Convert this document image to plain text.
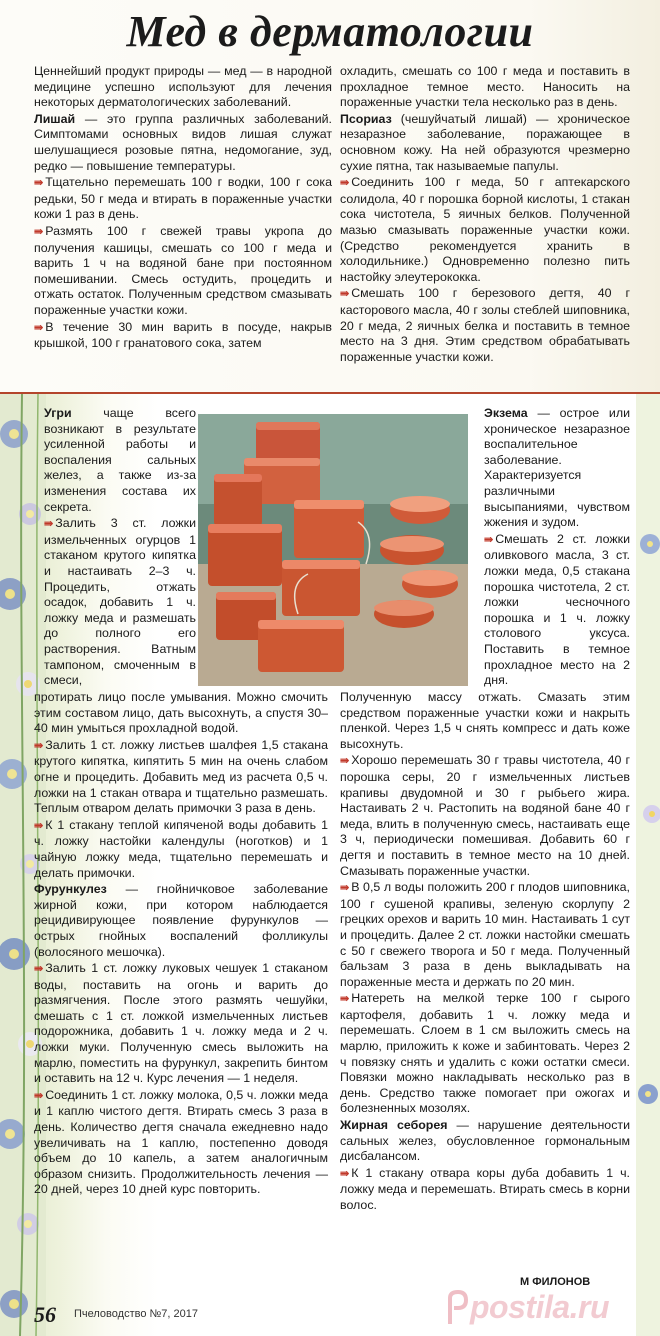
Мед в дерматологии

Ценнейший продукт природы — мед — в народной медицине успешно используют для лечения некоторых дерматологических заболеваний.

Лишай — это группа различных заболеваний. Симптомами основных видов лишая служат шелушащиеся розовые пятна, недомогание, зуд, редко — повышение температуры.

⇛ Тщательно перемешать 100 г водки, 100 г сока редьки, 50 г меда и втирать в пораженные участки кожи 1 раз в день.

⇛ Размять 100 г свежей травы укропа до получения кашицы, смешать со 100 г меда и варить 1 ч на водяной бане при постоянном помешивании. Смесь остудить, процедить и отжать остаток. Полученным средством смазывать пораженные участки кожи.

⇛ В течение 30 мин варить в посуде, накрыв крышкой, 100 г гранатового сока, затем

охладить, смешать со 100 г меда и поставить в прохладное темное место. Наносить на пораженные участки тела несколько раз в день.

Псориаз (чешуйчатый лишай) — хроническое незаразное заболевание, поражающее в основном кожу. На ней образуются чрезмерно сухие пятна, так называемые папулы.

⇛ Соединить 100 г меда, 50 г аптекарского солидола, 40 г порошка борной кислоты, 1 стакан сока чистотела, 5 яичных белков. Полученной мазью смазывать пораженные участки кожи. (Средство рекомендуется хранить в холодильнике.) Одновременно полезно пить настойку элеутерококка.

⇛ Смешать 100 г березового дегтя, 40 г касторового масла, 40 г золы стеблей шиповника, 20 г меда, 2 яичных белка и поставить в темное место на 3 дня. Этим средством обрабатывать пораженные участки кожи.

Угри чаще всего возникают в результате усиленной работы и воспаления сальных желез, а также из-за изменения состава их секрета.

⇛ Залить 3 ст. ложки измельченных огурцов 1 стаканом крутого кипятка и настаивать 2–3 ч. Процедить, отжать осадок, добавить 1 ч. ложку меда и размешать до полного его растворения. Ватным тампоном, смоченным в смеси,

Экзема — острое или хроническое незаразное воспалительное заболевание. Характеризуется различными высыпаниями, чувством жжения и зудом.

⇛ Смешать 2 ст. ложки оливкового масла, 3 ст. ложки меда, 0,5 стакана порошка чистотела, 2 ст. ложки чесночного порошка и 1 ч. ложку столового уксуса. Поставить в темное прохладное место на 2 дня.

протирать лицо после умывания. Можно смочить этим составом лицо, дать высохнуть, а спустя 30–40 мин умыться прохладной водой.

⇛ Залить 1 ст. ложку листьев шалфея 1,5 стакана крутого кипятка, кипятить 5 мин на очень слабом огне и процедить. Добавить мед из расчета 0,5 ч. ложки на 1 стакан отвара и тщательно размешать. Теплым отваром делать примочки 3 раза в день.

⇛ К 1 стакану теплой кипяченой воды добавить 1 ч. ложку настойки календулы (ноготков) и 1 чайную ложку меда, тщательно перемешать и делать примочки.

Фурункулез — гнойничковое заболевание жирной кожи, при котором наблюдается рецидивирующее появление фурункулов — острых гнойных воспалений фолликулы (волосяного мешочка).

⇛ Залить 1 ст. ложку луковых чешуек 1 стаканом воды, поставить на огонь и варить до размягчения. После этого размять чешуйки, смешать с 1 ст. ложкой измельченных листьев подорожника, добавить 1 ч. ложку меда и 2 ч. ложки муки. Полученную смесь выложить на марлю, поместить на фурункул, закрепить бинтом и оставить на 12 ч. Курс лечения — 1 неделя.

⇛ Соединить 1 ст. ложку молока, 0,5 ч. ложки меда и 1 каплю чистого дегтя. Втирать смесь 3 раза в день. Количество дегтя сначала ежедневно надо увеличивать на 1 каплю, постепенно доводя объем до 10 капель, а затем аналогичным образом снизить. Продолжительность лечения — 20 дней, через 10 дней курс повторить.

Полученную массу отжать. Смазать этим средством пораженные участки кожи и накрыть пленкой. Через 1,5 ч снять компресс и дать коже высохнуть.

⇛ Хорошо перемешать 30 г травы чистотела, 40 г порошка серы, 20 г измельченных листьев крапивы двудомной и 30 г рыбьего жира. Настаивать 2 ч. Растопить на водяной бане 40 г меда, влить в полученную смесь, настаивать еще 3 ч, периодически помешивая. Добавить 60 г дегтя и поставить в темное место на 10 дней. Смазывать пораженные участки.

⇛ В 0,5 л воды положить 200 г плодов шиповника, 100 г сушеной крапивы, зеленую скорлупу 2 грецких орехов и варить 10 мин. Настаивать 1 сут и процедить. Далее 2 ст. ложки настойки смешать с 50 г свежего творога и 50 г меда. Полученный бальзам 3 раза в день выкладывать на пораженные места и держать по 20 мин.

⇛ Натереть на мелкой терке 100 г сырого картофеля, добавить 1 ч. ложку меда и перемешать. Слоем в 1 см выложить смесь на марлю, приложить к коже и забинтовать. Через 2 ч повязку снять и удалить с кожи остатки смеси. Повязки можно накладывать несколько раз в день. Средство также помогает при ожогах и болезненных мозолях.

Жирная себорея — нарушение деятельности сальных желез, обусловленное гормональным дисбалансом.

⇛ К 1 стакану отвара коры дуба добавить 1 ч. ложку меда и перемешать. Втирать смесь в корни волос.

М ФИЛОНОВ
postila.ru
56 Пчеловодство №7, 2017
